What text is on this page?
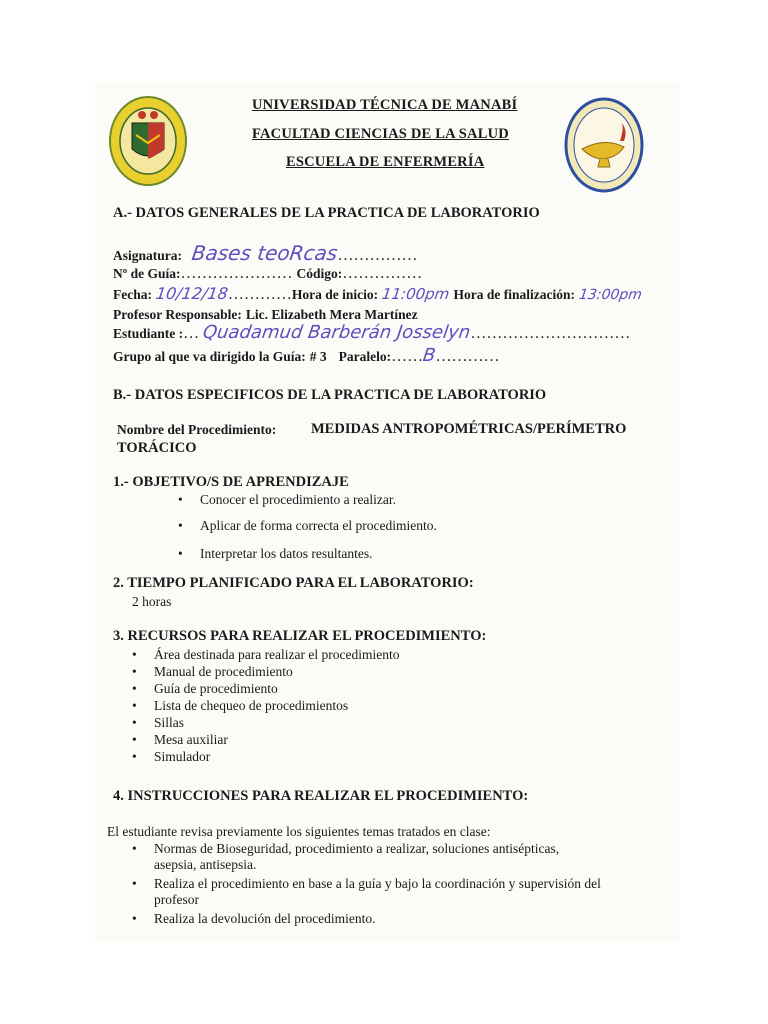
UNIVERSIDAD TÉCNICA DE MANABÍ
FACULTAD CIENCIAS DE LA SALUD
ESCUELA DE ENFERMERÍA
A.- DATOS GENERALES DE LA PRACTICA DE LABORATORIO
Asignatura: Bases teoRcas……………
Nº de Guía:………………… Código:……………
Fecha: 10/12/18…………Hora de inicio: 11:00pm Hora de finalización: 13:00pm
Profesor Responsable: Lic. Elizabeth Mera Martínez
Estudiante :… Quadamud Barberán Josselyn…………………………
Grupo al que va dirigido la Guía: # 3 Paralelo:……B…………
B.- DATOS ESPECIFICOS DE LA PRACTICA DE LABORATORIO
Nombre del Procedimiento: MEDIDAS ANTROPOMÉTRICAS/PERÍMETRO
TORÁCICO
1.- OBJETIVO/S DE APRENDIZAJE
• Conocer el procedimiento a realizar.
• Aplicar de forma correcta el procedimiento.
• Interpretar los datos resultantes.
2. TIEMPO PLANIFICADO PARA EL LABORATORIO:
2 horas
3. RECURSOS PARA REALIZAR EL PROCEDIMIENTO:
• Área destinada para realizar el procedimiento
• Manual de procedimiento
• Guía de procedimiento
• Lista de chequeo de procedimientos
• Sillas
• Mesa auxiliar
• Simulador
4. INSTRUCCIONES PARA REALIZAR EL PROCEDIMIENTO:
El estudiante revisa previamente los siguientes temas tratados en clase:
• Normas de Bioseguridad, procedimiento a realizar, soluciones antisépticas,
asepsia, antisepsia.
• Realiza el procedimiento en base a la guía y bajo la coordinación y supervisión del
profesor
• Realiza la devolución del procedimiento.
